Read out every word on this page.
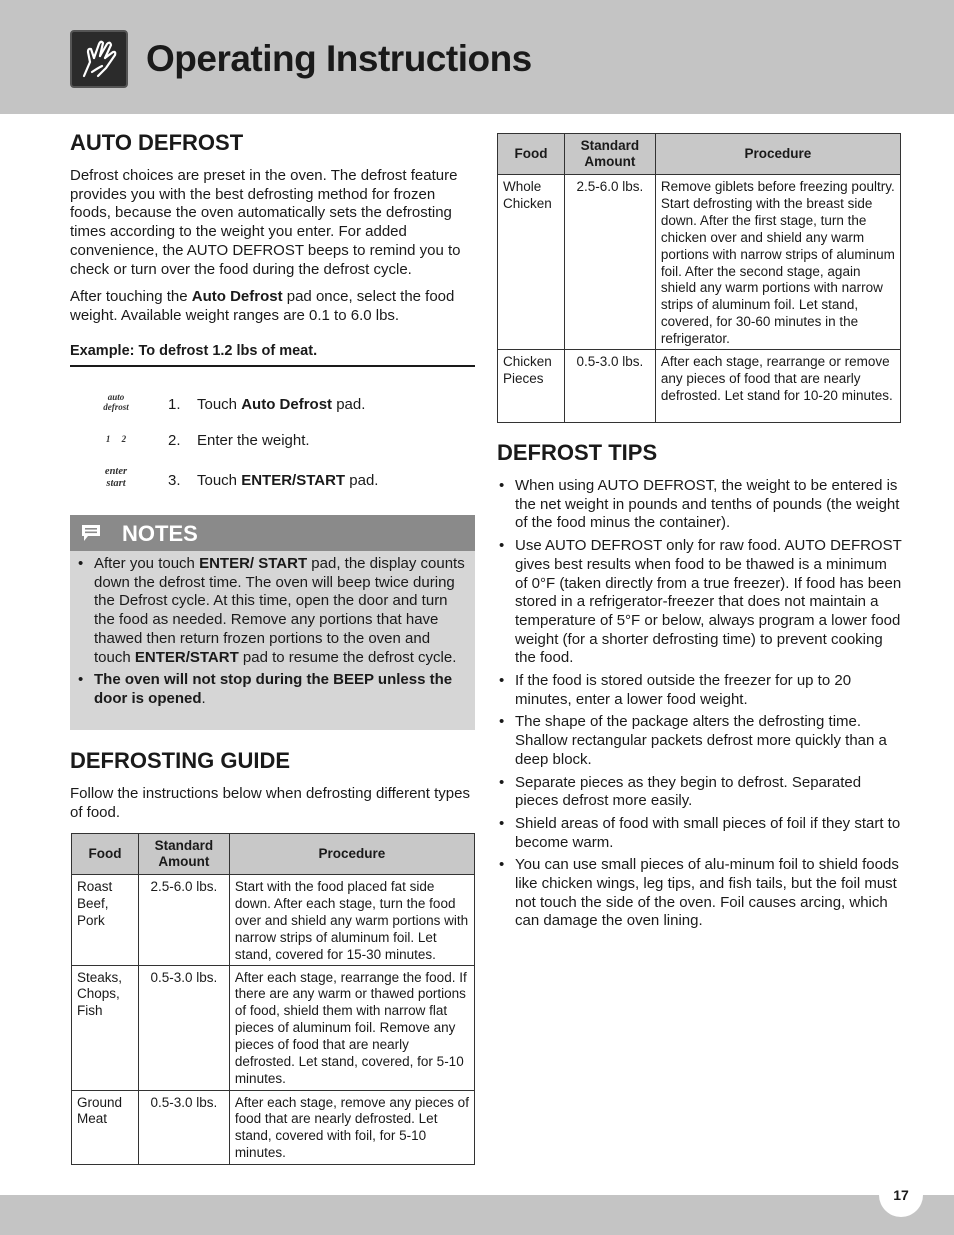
Operating Instructions
AUTO DEFROST
Defrost choices are preset in the oven. The defrost feature provides you with the best defrosting method for frozen foods, because the oven automatically sets the defrosting times according to the weight you enter. For added convenience, the AUTO DEFROST beeps to remind you to check or turn over the food during the defrost cycle.
After touching the Auto Defrost pad once, select the food weight. Available weight ranges are 0.1 to 6.0 lbs.
Example: To defrost 1.2 lbs of meat.
auto
defrost	1. Touch Auto Defrost pad.
1 2	2. Enter the weight.
enter
start	3. Touch ENTER/START pad.
NOTES
• After you touch ENTER/ START pad, the display counts down the defrost time. The oven will beep twice during the Defrost cycle. At this time, open the door and turn the food as needed. Remove any portions that have thawed then return frozen portions to the oven and touch ENTER/START pad to resume the defrost cycle.
• The oven will not stop during the BEEP unless the door is opened.
DEFROSTING GUIDE
Follow the instructions below when defrosting different types of food.
Food	Standard Amount	Procedure
Roast Beef, Pork	2.5-6.0 lbs.	Start with the food placed fat side down. After each stage, turn the food over and shield any warm portions with narrow strips of aluminum foil. Let stand, covered for 15-30 minutes.
Steaks, Chops, Fish	0.5-3.0 lbs.	After each stage, rearrange the food. If there are any warm or thawed portions of food, shield them with narrow flat pieces of aluminum foil. Remove any pieces of food that are nearly defrosted. Let stand, covered, for 5-10 minutes.
Ground Meat	0.5-3.0 lbs.	After each stage, remove any pieces of food that are nearly defrosted. Let stand, covered with foil, for 5-10 minutes.
Food	Standard Amount	Procedure
Whole Chicken	2.5-6.0 lbs.	Remove giblets before freezing poultry. Start defrosting with the breast side down. After the first stage, turn the chicken over and shield any warm portions with narrow strips of aluminum foil. After the second stage, again shield any warm portions with narrow strips of aluminum foil. Let stand, covered, for 30-60 minutes in the refrigerator.
Chicken Pieces	0.5-3.0 lbs.	After each stage, rearrange or remove any pieces of food that are nearly defrosted. Let stand for 10-20 minutes.
DEFROST TIPS
• When using AUTO DEFROST, the weight to be entered is the net weight in pounds and tenths of pounds (the weight of the food minus the container).
• Use AUTO DEFROST only for raw food. AUTO DEFROST gives best results when food to be thawed is a minimum of 0°F (taken directly from a true freezer). If food has been stored in a refrigerator-freezer that does not maintain a temperature of 5°F or below, always program a lower food weight (for a shorter defrosting time) to prevent cooking the food.
• If the food is stored outside the freezer for up to 20 minutes, enter a lower food weight.
• The shape of the package alters the defrosting time. Shallow rectangular packets defrost more quickly than a deep block.
• Separate pieces as they begin to defrost. Separated pieces defrost more easily.
• Shield areas of food with small pieces of foil if they start to become warm.
• You can use small pieces of alu-minum foil to shield foods like chicken wings, leg tips, and fish tails, but the foil must not touch the side of the oven. Foil causes arcing, which can damage the oven lining.
17
